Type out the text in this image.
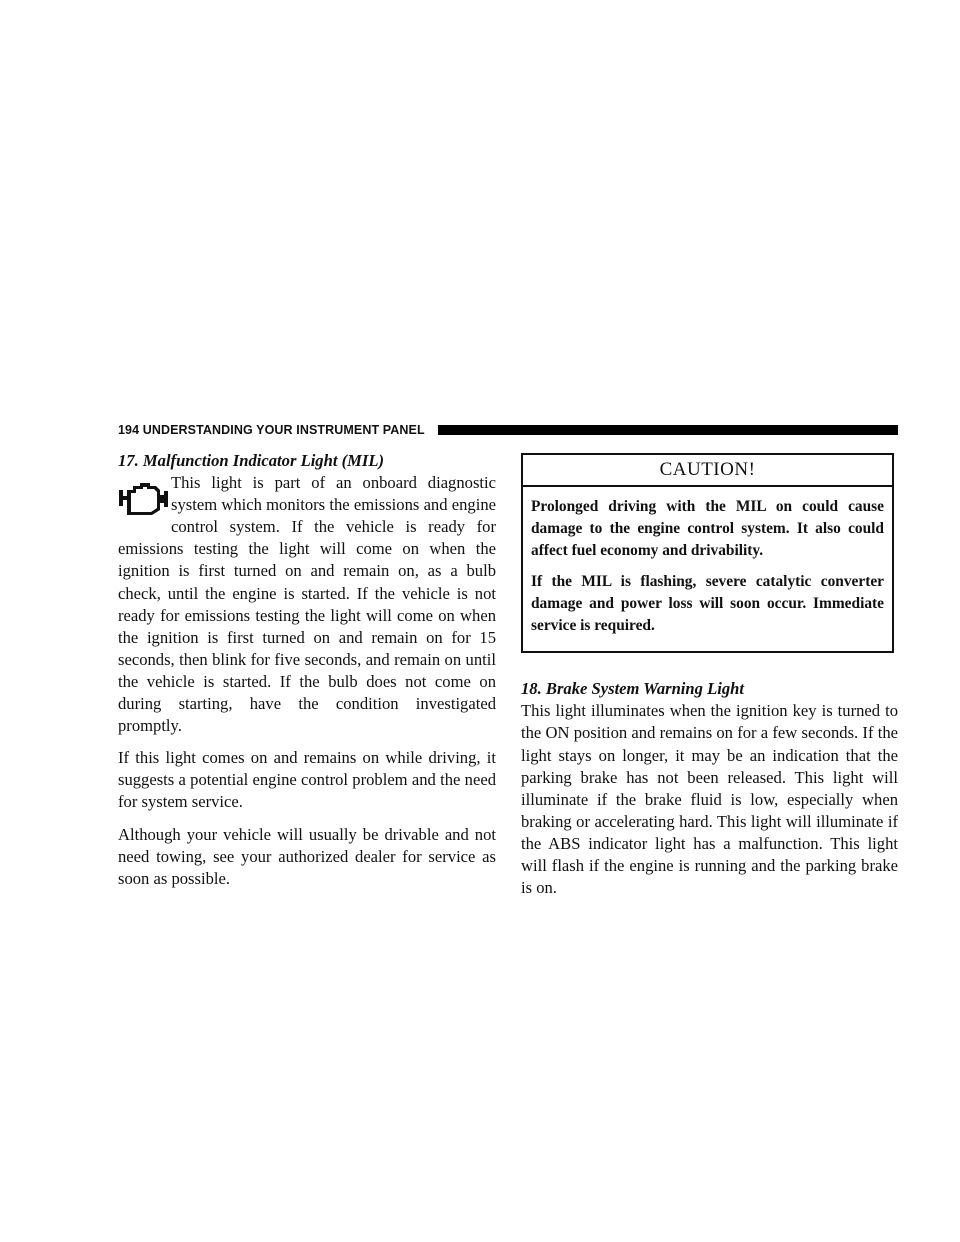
194 UNDERSTANDING YOUR INSTRUMENT PANEL
17. Malfunction Indicator Light (MIL)
This light is part of an onboard diagnostic system which monitors the emissions and engine control system. If the vehicle is ready for emissions testing the light will come on when the ignition is first turned on and remain on, as a bulb check, until the engine is started. If the vehicle is not ready for emissions testing the light will come on when the ignition is first turned on and remain on for 15 seconds, then blink for five seconds, and remain on until the vehicle is started. If the bulb does not come on during starting, have the condition investigated promptly.

If this light comes on and remains on while driving, it suggests a potential engine control problem and the need for system service.

Although your vehicle will usually be drivable and not need towing, see your authorized dealer for service as soon as possible.

CAUTION!

Prolonged driving with the MIL on could cause damage to the engine control system. It also could affect fuel economy and drivability.

If the MIL is flashing, severe catalytic converter damage and power loss will soon occur. Immediate service is required.

18. Brake System Warning Light

This light illuminates when the ignition key is turned to the ON position and remains on for a few seconds. If the light stays on longer, it may be an indication that the parking brake has not been released. This light will illuminate if the brake fluid is low, especially when braking or accelerating hard. This light will illuminate if the ABS indicator light has a malfunction. This light will flash if the engine is running and the parking brake is on.
